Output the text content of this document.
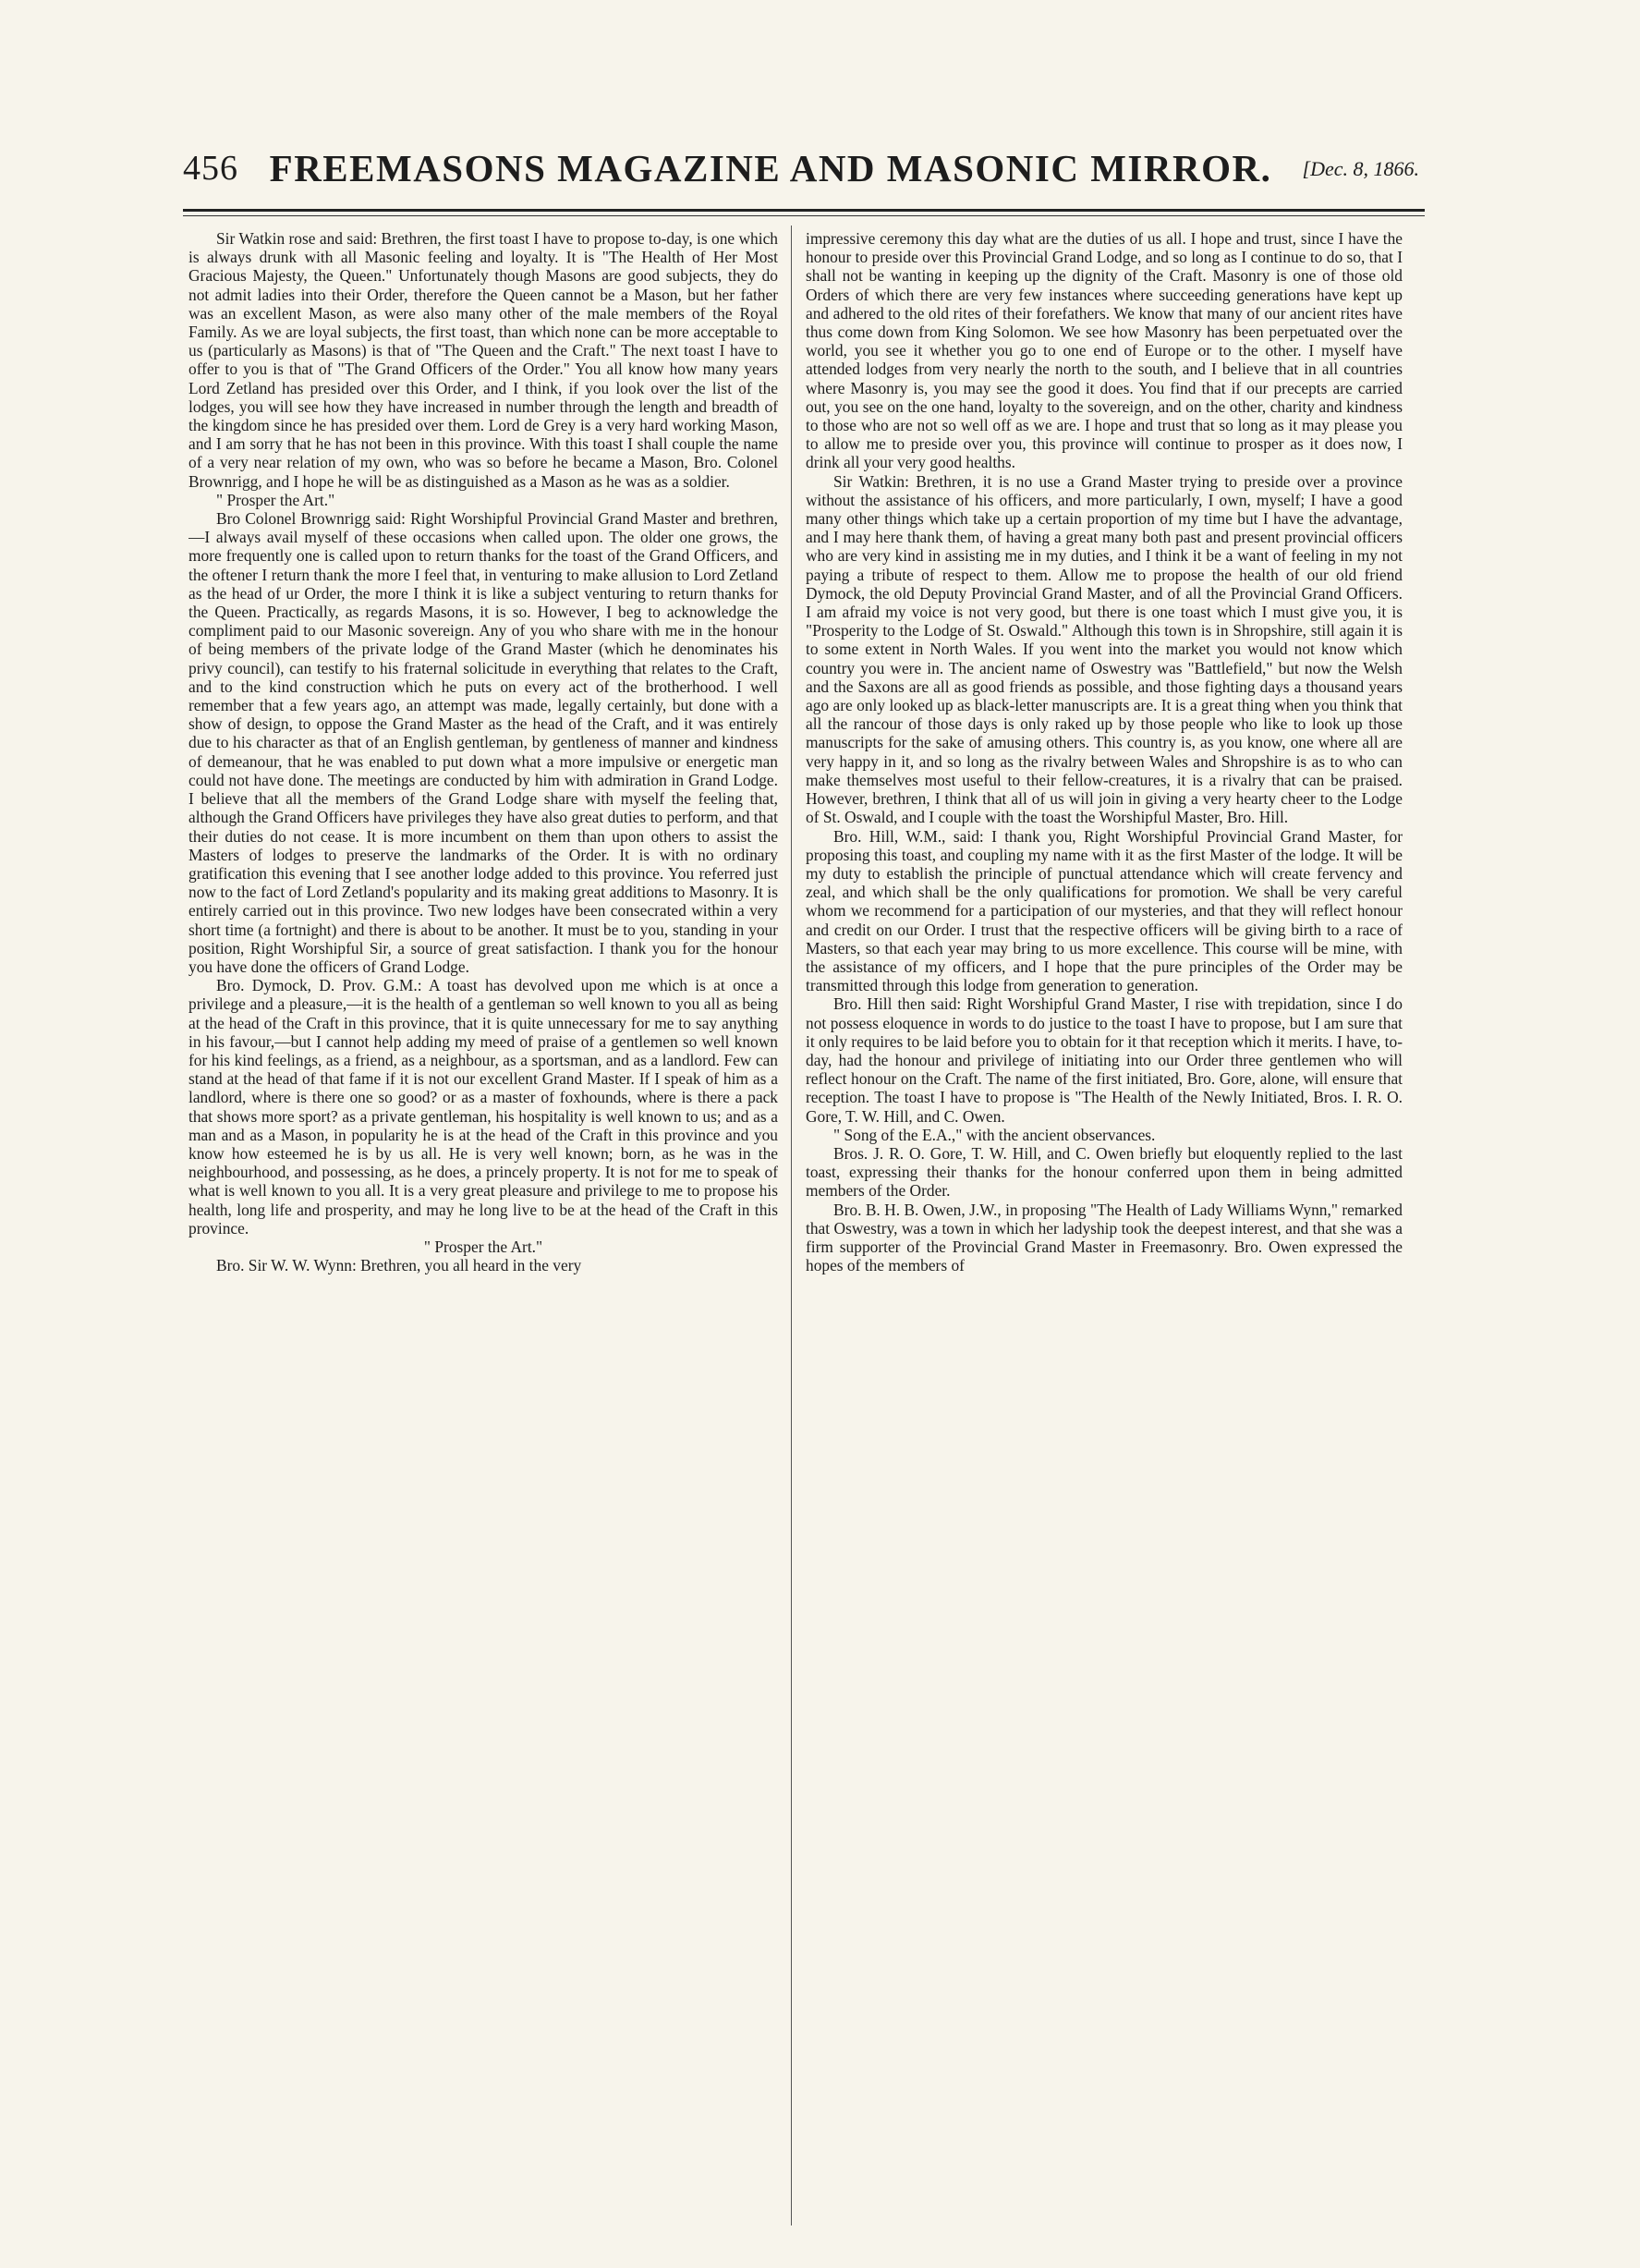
456 FREEMASONS MAGAZINE AND MASONIC MIRROR.	[Dec. 8, 1866.

Sir Watkin rose and said: Brethren, the first toast I have to propose to-day, is one which is always drunk with all Masonic feeling and loyalty. It is "The Health of Her Most Gracious Majesty, the Queen." Unfortunately though Masons are good subjects, they do not admit ladies into their Order, therefore the Queen cannot be a Mason, but her father was an excellent Mason, as were also many other of the male members of the Royal Family. As we are loyal subjects, the first toast, than which none can be more acceptable to us (particularly as Masons) is that of "The Queen and the Craft." The next toast I have to offer to you is that of "The Grand Officers of the Order." You all know how many years Lord Zetland has presided over this Order, and I think, if you look over the list of the lodges, you will see how they have increased in number through the length and breadth of the kingdom since he has presided over them. Lord de Grey is a very hard working Mason, and I am sorry that he has not been in this province. With this toast I shall couple the name of a very near relation of my own, who was so before he became a Mason, Bro. Colonel Brownrigg, and I hope he will be as distinguished as a Mason as he was as a soldier.

" Prosper the Art."

Bro Colonel Brownrigg said: Right Worshipful Provincial Grand Master and brethren,—I always avail myself of these occasions when called upon. The older one grows, the more frequently one is called upon to return thanks for the toast of the Grand Officers, and the oftener I return thank the more I feel that, in venturing to make allusion to Lord Zetland as the head of ur Order, the more I think it is like a subject venturing to return thanks for the Queen. Practically, as regards Masons, it is so. However, I beg to acknowledge the compliment paid to our Masonic sovereign. Any of you who share with me in the honour of being members of the private lodge of the Grand Master (which he denominates his privy council), can testify to his fraternal solicitude in everything that relates to the Craft, and to the kind construction which he puts on every act of the brotherhood. I well remember that a few years ago, an attempt was made, legally certainly, but done with a show of design, to oppose the Grand Master as the head of the Craft, and it was entirely due to his character as that of an English gentleman, by gentleness of manner and kindness of demeanour, that he was enabled to put down what a more impulsive or energetic man could not have done. The meetings are conducted by him with admiration in Grand Lodge. I believe that all the members of the Grand Lodge share with myself the feeling that, although the Grand Officers have privileges they have also great duties to perform, and that their duties do not cease. It is more incumbent on them than upon others to assist the Masters of lodges to preserve the landmarks of the Order. It is with no ordinary gratification this evening that I see another lodge added to this province. You referred just now to the fact of Lord Zetland's popularity and its making great additions to Masonry. It is entirely carried out in this province. Two new lodges have been consecrated within a very short time (a fortnight) and there is about to be another. It must be to you, standing in your position, Right Worshipful Sir, a source of great satisfaction. I thank you for the honour you have done the officers of Grand Lodge.

Bro. Dymock, D. Prov. G.M.: A toast has devolved upon me which is at once a privilege and a pleasure,—it is the health of a gentleman so well known to you all as being at the head of the Craft in this province, that it is quite unnecessary for me to say anything in his favour,—but I cannot help adding my meed of praise of a gentlemen so well known for his kind feelings, as a friend, as a neighbour, as a sportsman, and as a landlord. Few can stand at the head of that fame if it is not our excellent Grand Master. If I speak of him as a landlord, where is there one so good? or as a master of foxhounds, where is there a pack that shows more sport? as a private gentleman, his hospitality is well known to us; and as a man and as a Mason, in popularity he is at the head of the Craft in this province and you know how esteemed he is by us all. He is very well known; born, as he was in the neighbourhood, and possessing, as he does, a princely property. It is not for me to speak of what is well known to you all. It is a very great pleasure and privilege to me to propose his health, long life and prosperity, and may he long live to be at the head of the Craft in this province.

" Prosper the Art."

Bro. Sir W. W. Wynn: Brethren, you all heard in the very

impressive ceremony this day what are the duties of us all. I hope and trust, since I have the honour to preside over this Provincial Grand Lodge, and so long as I continue to do so, that I shall not be wanting in keeping up the dignity of the Craft. Masonry is one of those old Orders of which there are very few instances where succeeding generations have kept up and adhered to the old rites of their forefathers. We know that many of our ancient rites have thus come down from King Solomon. We see how Masonry has been perpetuated over the world, you see it whether you go to one end of Europe or to the other. I myself have attended lodges from very nearly the north to the south, and I believe that in all countries where Masonry is, you may see the good it does. You find that if our precepts are carried out, you see on the one hand, loyalty to the sovereign, and on the other, charity and kindness to those who are not so well off as we are. I hope and trust that so long as it may please you to allow me to preside over you, this province will continue to prosper as it does now, I drink all your very good healths.

Sir Watkin: Brethren, it is no use a Grand Master trying to preside over a province without the assistance of his officers, and more particularly, I own, myself; I have a good many other things which take up a certain proportion of my time but I have the advantage, and I may here thank them, of having a great many both past and present provincial officers who are very kind in assisting me in my duties, and I think it be a want of feeling in my not paying a tribute of respect to them. Allow me to propose the health of our old friend Dymock, the old Deputy Provincial Grand Master, and of all the Provincial Grand Officers. I am afraid my voice is not very good, but there is one toast which I must give you, it is "Prosperity to the Lodge of St. Oswald." Although this town is in Shropshire, still again it is to some extent in North Wales. If you went into the market you would not know which country you were in. The ancient name of Oswestry was "Battlefield," but now the Welsh and the Saxons are all as good friends as possible, and those fighting days a thousand years ago are only looked up as black-letter manuscripts are. It is a great thing when you think that all the rancour of those days is only raked up by those people who like to look up those manuscripts for the sake of amusing others. This country is, as you know, one where all are very happy in it, and so long as the rivalry between Wales and Shropshire is as to who can make themselves most useful to their fellow-creatures, it is a rivalry that can be praised. However, brethren, I think that all of us will join in giving a very hearty cheer to the Lodge of St. Oswald, and I couple with the toast the Worshipful Master, Bro. Hill.

Bro. Hill, W.M., said: I thank you, Right Worshipful Provincial Grand Master, for proposing this toast, and coupling my name with it as the first Master of the lodge. It will be my duty to establish the principle of punctual attendance which will create fervency and zeal, and which shall be the only qualifications for promotion. We shall be very careful whom we recommend for a participation of our mysteries, and that they will reflect honour and credit on our Order. I trust that the respective officers will be giving birth to a race of Masters, so that each year may bring to us more excellence. This course will be mine, with the assistance of my officers, and I hope that the pure principles of the Order may be transmitted through this lodge from generation to generation.

Bro. Hill then said: Right Worshipful Grand Master, I rise with trepidation, since I do not possess eloquence in words to do justice to the toast I have to propose, but I am sure that it only requires to be laid before you to obtain for it that reception which it merits. I have, to-day, had the honour and privilege of initiating into our Order three gentlemen who will reflect honour on the Craft. The name of the first initiated, Bro. Gore, alone, will ensure that reception. The toast I have to propose is "The Health of the Newly Initiated, Bros. I. R. O. Gore, T. W. Hill, and C. Owen.

" Song of the E.A.," with the ancient observances.

Bros. J. R. O. Gore, T. W. Hill, and C. Owen briefly but eloquently replied to the last toast, expressing their thanks for the honour conferred upon them in being admitted members of the Order.

Bro. B. H. B. Owen, J.W., in proposing "The Health of Lady Williams Wynn," remarked that Oswestry, was a town in which her ladyship took the deepest interest, and that she was a firm supporter of the Provincial Grand Master in Freemasonry. Bro. Owen expressed the hopes of the members of
